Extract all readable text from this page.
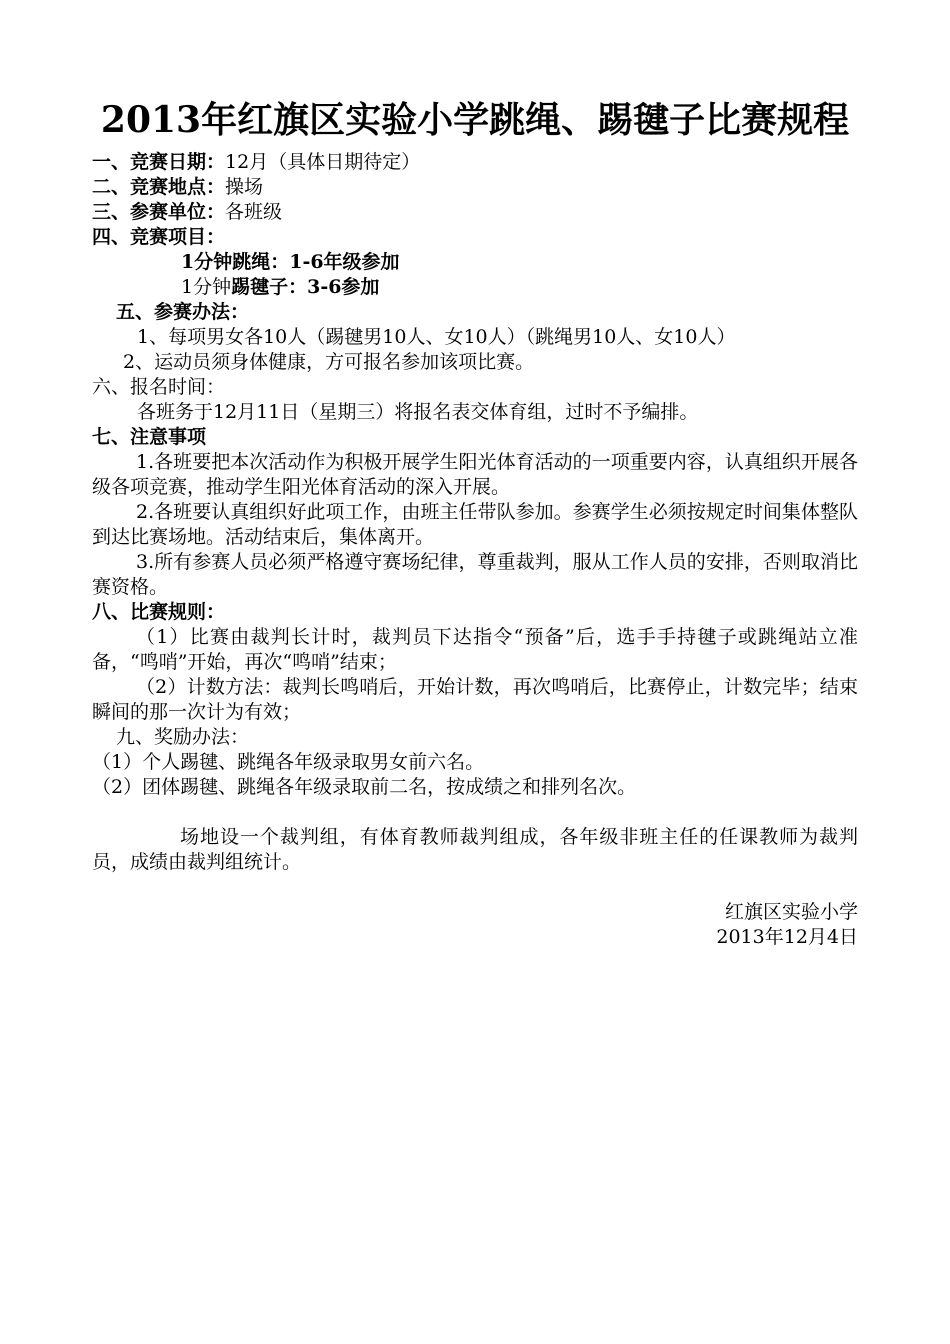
2013年红旗区实验小学跳绳、踢毽子比赛规程
一、竞赛日期：12月（具体日期待定）
二、竞赛地点：操场
三、参赛单位：各班级
四、竞赛项目：
1分钟跳绳：1-6年级参加
1分钟踢毽子：3-6参加
五、参赛办法：
1、每项男女各10人（踢毽男10人、女10人）（跳绳男10人、女10人）
2、运动员须身体健康，方可报名参加该项比赛。
六、报名时间：
各班务于12月11日（星期三）将报名表交体育组，过时不予编排。
七、注意事项
1.各班要把本次活动作为积极开展学生阳光体育活动的一项重要内容，认真组织开展各级各项竞赛，推动学生阳光体育活动的深入开展。
2.各班要认真组织好此项工作，由班主任带队参加。参赛学生必须按规定时间集体整队到达比赛场地。活动结束后，集体离开。
3.所有参赛人员必须严格遵守赛场纪律，尊重裁判，服从工作人员的安排，否则取消比赛资格。
八、比赛规则：
（1）比赛由裁判长计时，裁判员下达指令“预备”后，选手手持毽子或跳绳站立准备，“鸣哨”开始，再次“鸣哨”结束；
（2）计数方法：裁判长鸣哨后，开始计数，再次鸣哨后，比赛停止，计数完毕；结束瞬间的那一次计为有效；
九、奖励办法：
（1）个人踢毽、跳绳各年级录取男女前六名。
（2）团体踢毽、跳绳各年级录取前二名，按成绩之和排列名次。
场地设一个裁判组，有体育教师裁判组成，各年级非班主任的任课教师为裁判员，成绩由裁判组统计。
红旗区实验小学
2013年12月4日
